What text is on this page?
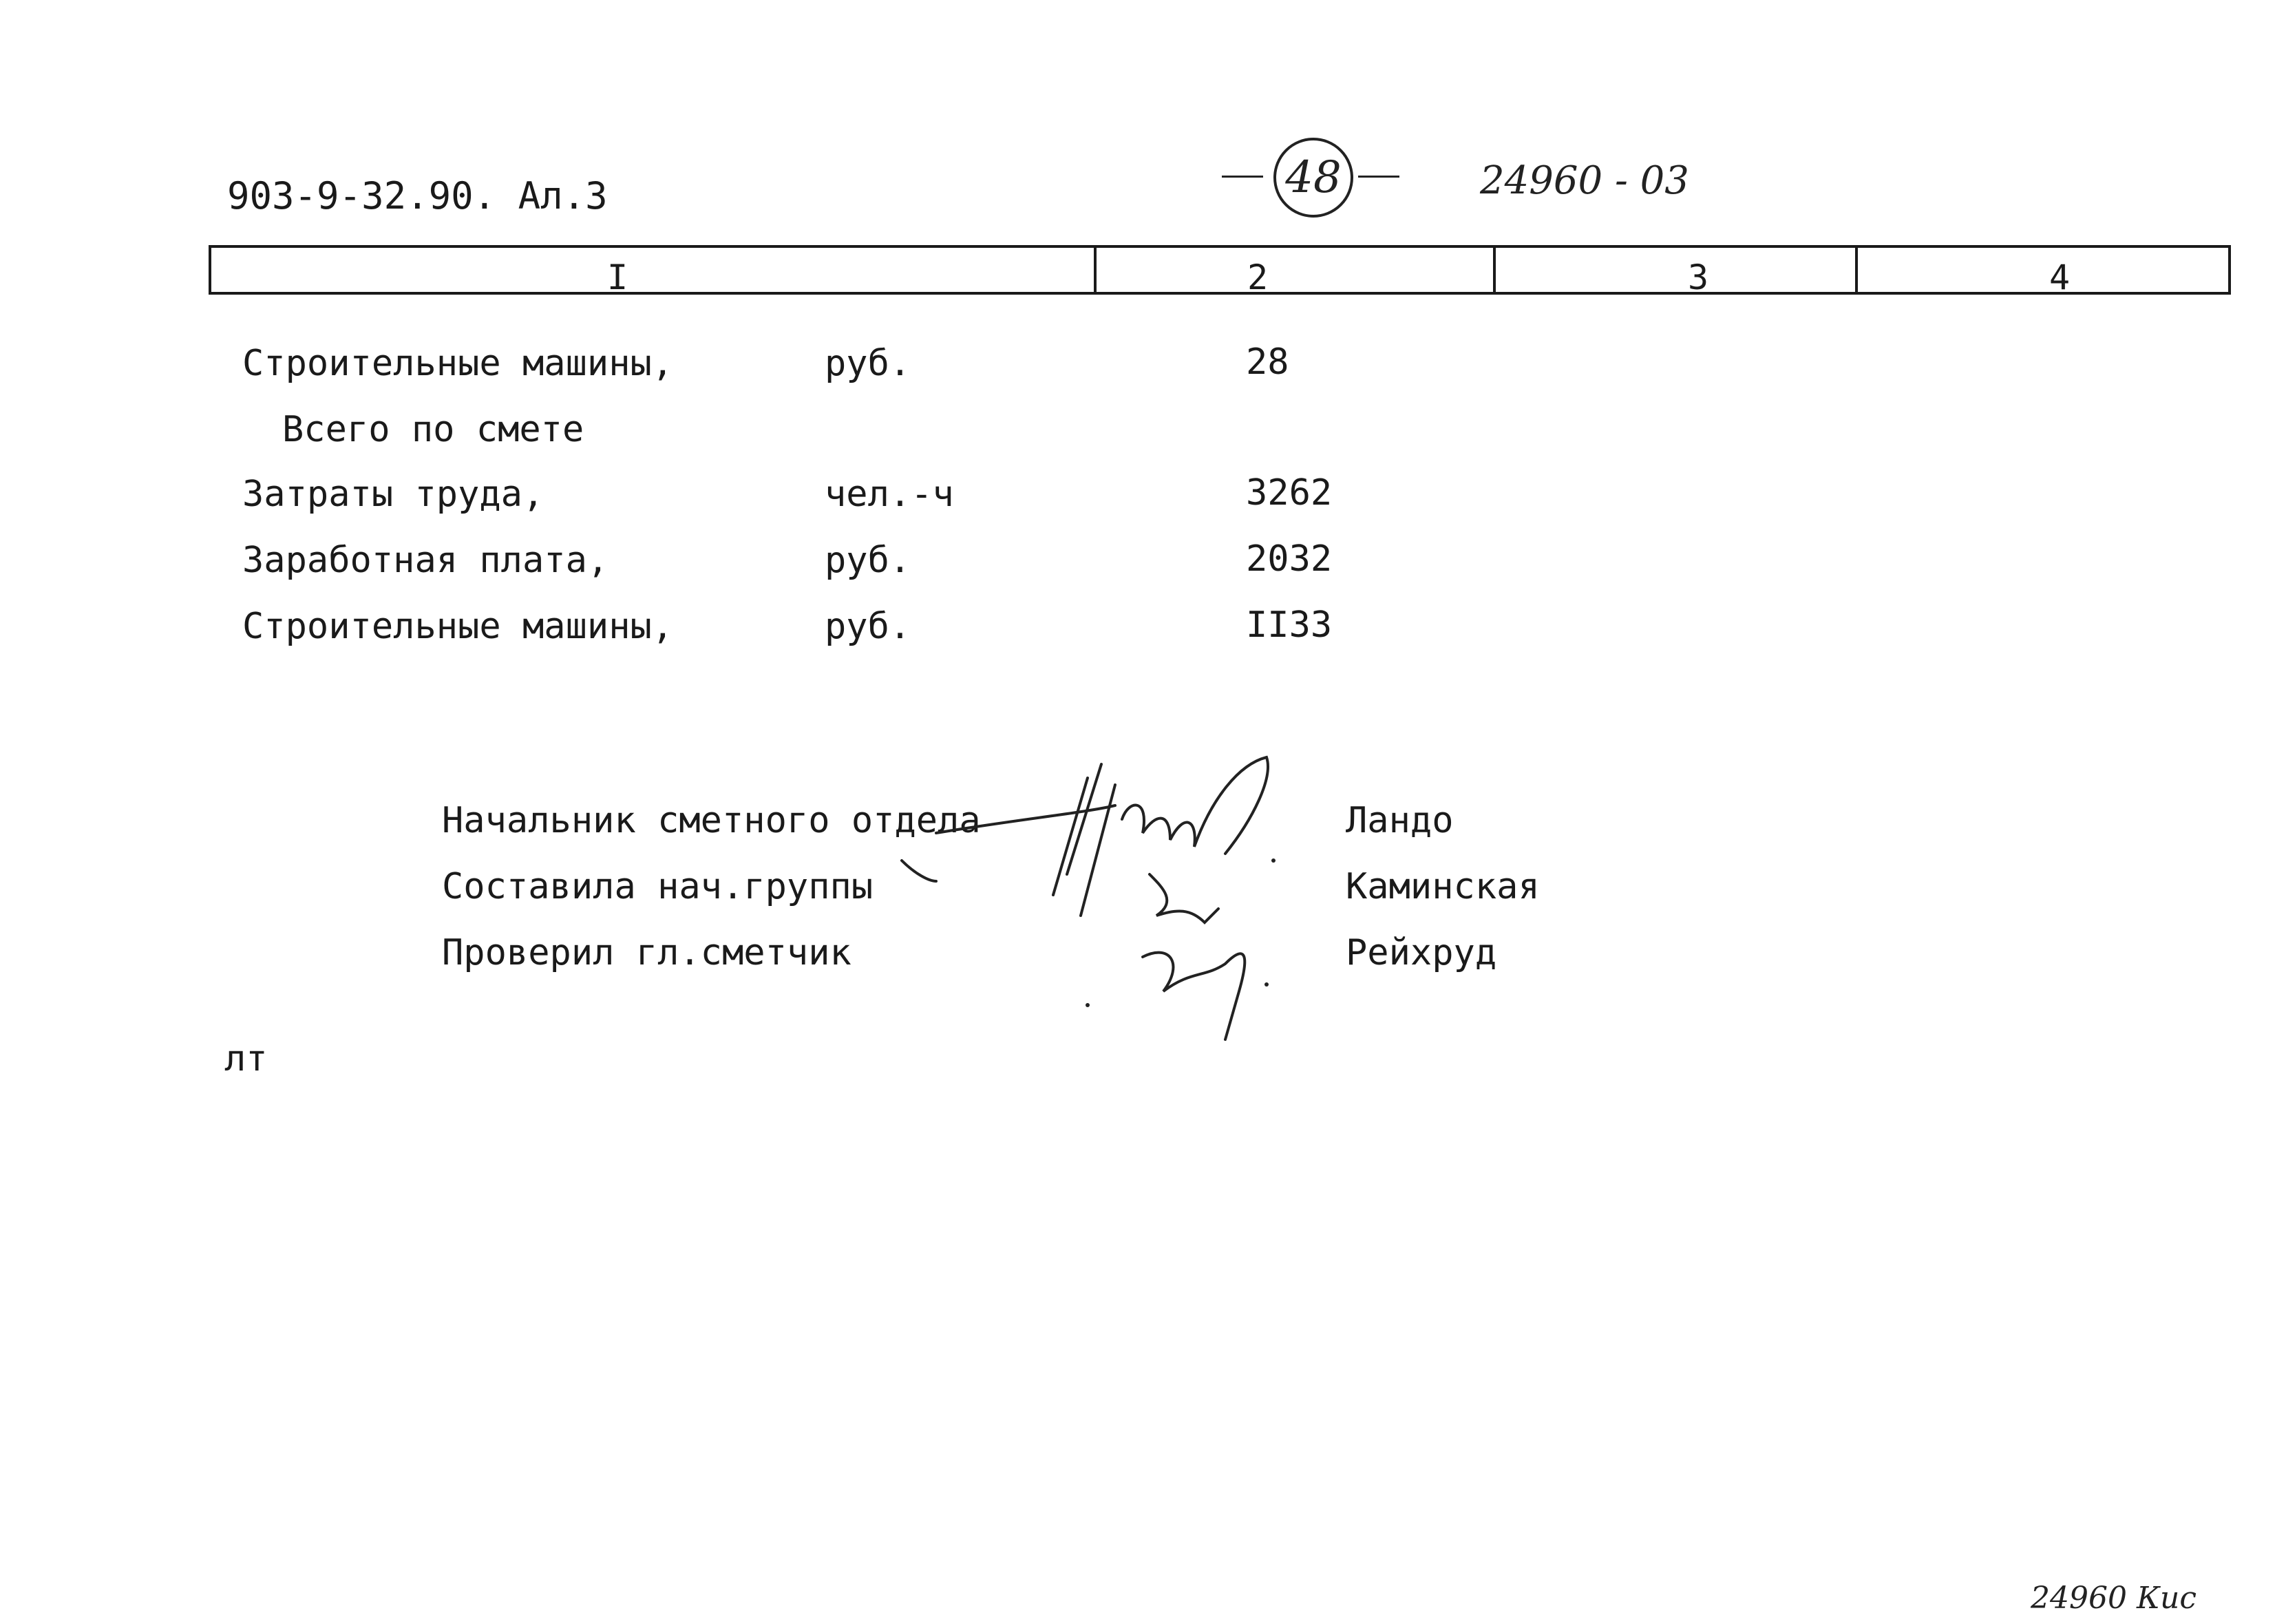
903-9-32.90. Ал.3	48	24960 - 03
I	2	3	4
Строительные машины,	руб.	28
Всего по смете
Затраты труда,	чел.-ч	3262
Заработная плата,	руб.	2032
Строительные машины,	руб.	II33
Начальник сметного отдела	Ландо
Составила нач.группы	Каминская
Проверил гл.сметчик	Рейхруд
лт
24960 Кис
